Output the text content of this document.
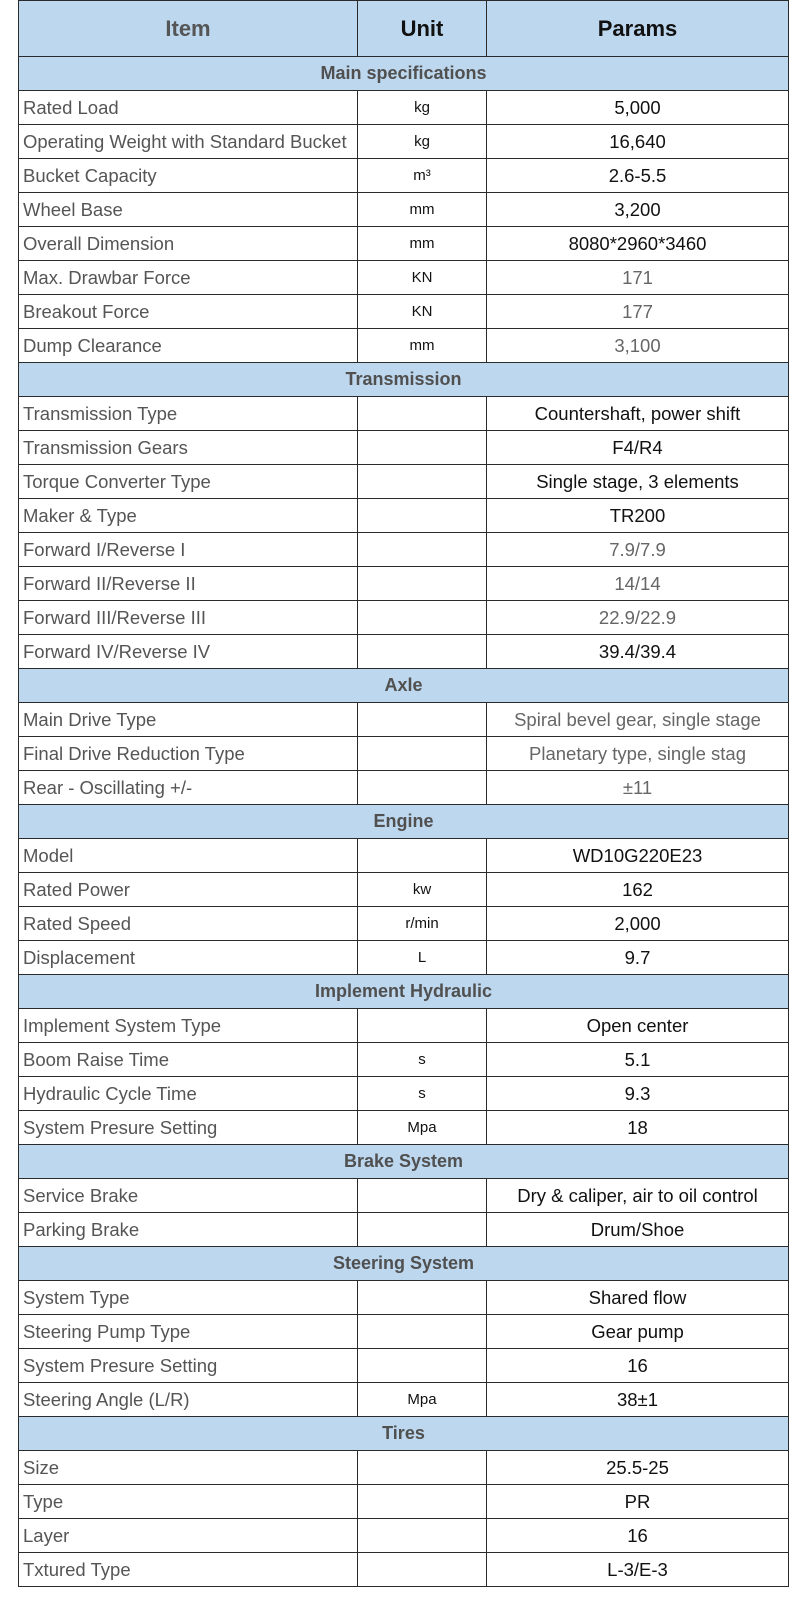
Item	Unit	Params
Main specifications		
Rated Load	kg	5,000
Operating Weight with Standard Bucket	kg	16,640
Bucket Capacity	m³	2.6-5.5
Wheel Base	mm	3,200
Overall Dimension	mm	8080*2960*3460
Max. Drawbar Force	KN	171
Breakout Force	KN	177
Dump Clearance	mm	3,100
Transmission		
Transmission Type		Countershaft, power shift
Transmission Gears		F4/R4
Torque Converter Type		Single stage, 3 elements
Maker & Type		TR200
Forward I/Reverse I		7.9/7.9
Forward II/Reverse II		14/14
Forward III/Reverse III		22.9/22.9
Forward IV/Reverse IV		39.4/39.4
Axle		
Main Drive Type		Spiral bevel gear, single stage
Final Drive Reduction Type		Planetary type, single stag
Rear - Oscillating +/-		±11
Engine		
Model		WD10G220E23
Rated Power	kw	162
Rated Speed	r/min	2,000
Displacement	L	9.7
Implement Hydraulic		
Implement System Type		Open center
Boom Raise Time	s	5.1
Hydraulic Cycle Time	s	9.3
System Presure Setting	Mpa	18
Brake System		
Service Brake		Dry & caliper, air to oil control
Parking Brake		Drum/Shoe
Steering System		
System Type		Shared flow
Steering Pump Type		Gear pump
System Presure Setting		16
Steering Angle (L/R)	Mpa	38±1
Tires		
Size		25.5-25
Type		PR
Layer		16
Txtured Type		L-3/E-3
